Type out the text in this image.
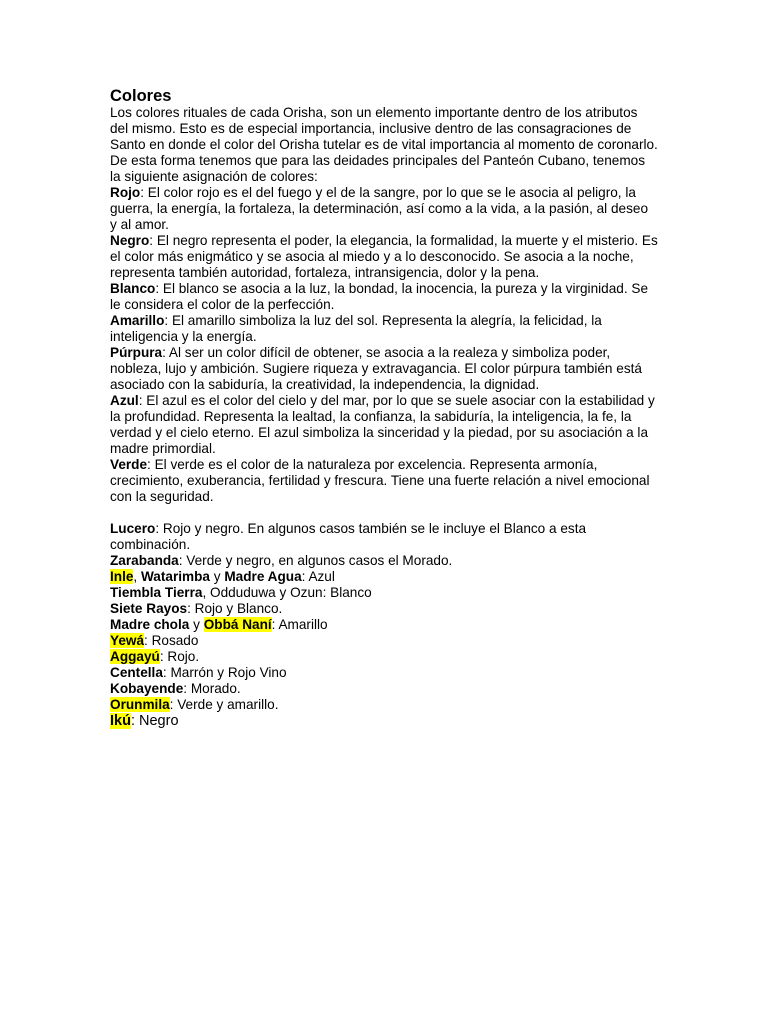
Colores

Los colores rituales de cada Orisha, son un elemento importante dentro de los atributos del mismo. Esto es de especial importancia, inclusive dentro de las consagraciones de Santo en donde el color del Orisha tutelar es de vital importancia al momento de coronarlo. De esta forma tenemos que para las deidades principales del Panteón Cubano, tenemos la siguiente asignación de colores:

Rojo: El color rojo es el del fuego y el de la sangre, por lo que se le asocia al peligro, la guerra, la energía, la fortaleza, la determinación, así como a la vida, a la pasión, al deseo y al amor.

Negro: El negro representa el poder, la elegancia, la formalidad, la muerte y el misterio. Es el color más enigmático y se asocia al miedo y a lo desconocido. Se asocia a la noche, representa también autoridad, fortaleza, intransigencia, dolor y la pena.

Blanco: El blanco se asocia a la luz, la bondad, la inocencia, la pureza y la virginidad. Se le considera el color de la perfección.

Amarillo: El amarillo simboliza la luz del sol. Representa la alegría, la felicidad, la inteligencia y la energía.

Púrpura: Al ser un color difícil de obtener, se asocia a la realeza y simboliza poder, nobleza, lujo y ambición. Sugiere riqueza y extravagancia. El color púrpura también está asociado con la sabiduría, la creatividad, la independencia, la dignidad.

Azul: El azul es el color del cielo y del mar, por lo que se suele asociar con la estabilidad y la profundidad. Representa la lealtad, la confianza, la sabiduría, la inteligencia, la fe, la verdad y el cielo eterno. El azul simboliza la sinceridad y la piedad, por su asociación a la madre primordial.

Verde: El verde es el color de la naturaleza por excelencia. Representa armonía, crecimiento, exuberancia, fertilidad y frescura. Tiene una fuerte relación a nivel emocional con la seguridad.

Lucero: Rojo y negro. En algunos casos también se le incluye el Blanco a esta combinación.

Zarabanda: Verde y negro, en algunos casos el Morado.

Inle, Watarimba y Madre Agua: Azul

Tiembla Tierra, Odduduwa y Ozun: Blanco

Siete Rayos: Rojo y Blanco.

Madre chola y Obbá Naní: Amarillo

Yewá: Rosado

Aggayú: Rojo.

Centella: Marrón y Rojo Vino

Kobayende: Morado.

Orunmila: Verde y amarillo.

Ikú: Negro
